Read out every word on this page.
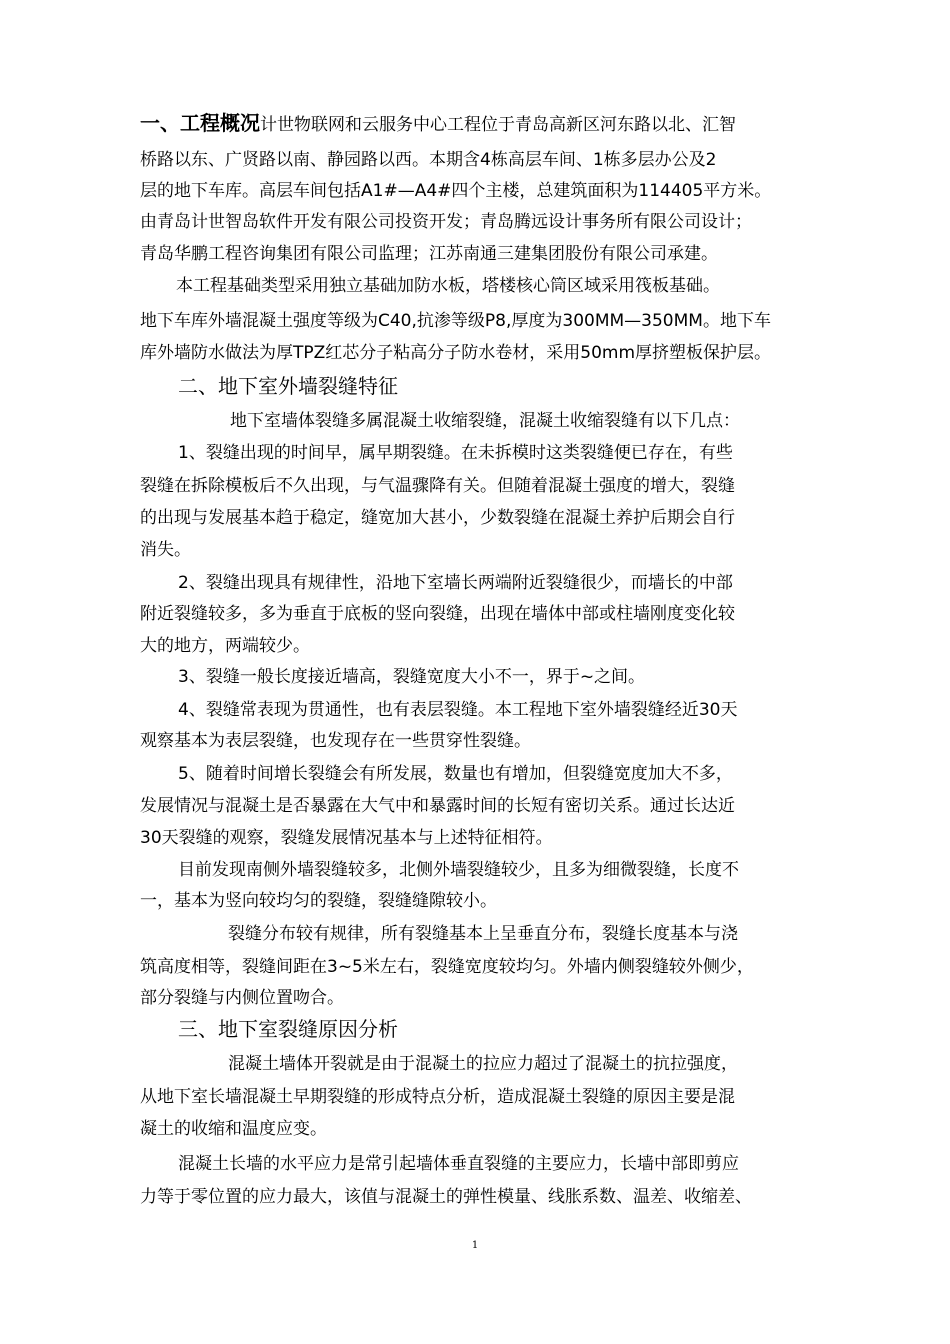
一、工程概况计世物联网和云服务中心工程位于青岛高新区河东路以北、汇智
桥路以东、广贤路以南、静园路以西。本期含4栋高层车间、1栋多层办公及2
层的地下车库。高层车间包括A1#—A4#四个主楼，总建筑面积为114405平方米。
由青岛计世智岛软件开发有限公司投资开发；青岛腾远设计事务所有限公司设计；
青岛华鹏工程咨询集团有限公司监理；江苏南通三建集团股份有限公司承建。
本工程基础类型采用独立基础加防水板，塔楼核心筒区域采用筏板基础。
地下车库外墙混凝土强度等级为C40,抗渗等级P8,厚度为300MM—350MM。地下车
库外墙防水做法为厚TPZ红芯分子粘高分子防水卷材，采用50mm厚挤塑板保护层。
二、地下室外墙裂缝特征
地下室墙体裂缝多属混凝土收缩裂缝，混凝土收缩裂缝有以下几点：
1、裂缝出现的时间早，属早期裂缝。在未拆模时这类裂缝便已存在，有些
裂缝在拆除模板后不久出现，与气温骤降有关。但随着混凝土强度的增大，裂缝
的出现与发展基本趋于稳定，缝宽加大甚小，少数裂缝在混凝土养护后期会自行
消失。
2、裂缝出现具有规律性，沿地下室墙长两端附近裂缝很少，而墙长的中部
附近裂缝较多，多为垂直于底板的竖向裂缝，出现在墙体中部或柱墙刚度变化较
大的地方，两端较少。
3、裂缝一般长度接近墙高，裂缝宽度大小不一，界于~之间。
4、裂缝常表现为贯通性，也有表层裂缝。本工程地下室外墙裂缝经近30天
观察基本为表层裂缝，也发现存在一些贯穿性裂缝。
5、随着时间增长裂缝会有所发展，数量也有增加，但裂缝宽度加大不多，
发展情况与混凝土是否暴露在大气中和暴露时间的长短有密切关系。通过长达近
30天裂缝的观察，裂缝发展情况基本与上述特征相符。
目前发现南侧外墙裂缝较多，北侧外墙裂缝较少，且多为细微裂缝，长度不
一，基本为竖向较均匀的裂缝，裂缝缝隙较小。
裂缝分布较有规律，所有裂缝基本上呈垂直分布，裂缝长度基本与浇
筑高度相等，裂缝间距在3~5米左右，裂缝宽度较均匀。外墙内侧裂缝较外侧少，
部分裂缝与内侧位置吻合。
三、地下室裂缝原因分析
混凝土墙体开裂就是由于混凝土的拉应力超过了混凝土的抗拉强度，
从地下室长墙混凝土早期裂缝的形成特点分析，造成混凝土裂缝的原因主要是混
凝土的收缩和温度应变。
混凝土长墙的水平应力是常引起墙体垂直裂缝的主要应力，长墙中部即剪应
力等于零位置的应力最大，该值与混凝土的弹性模量、线胀系数、温差、收缩差、
1
